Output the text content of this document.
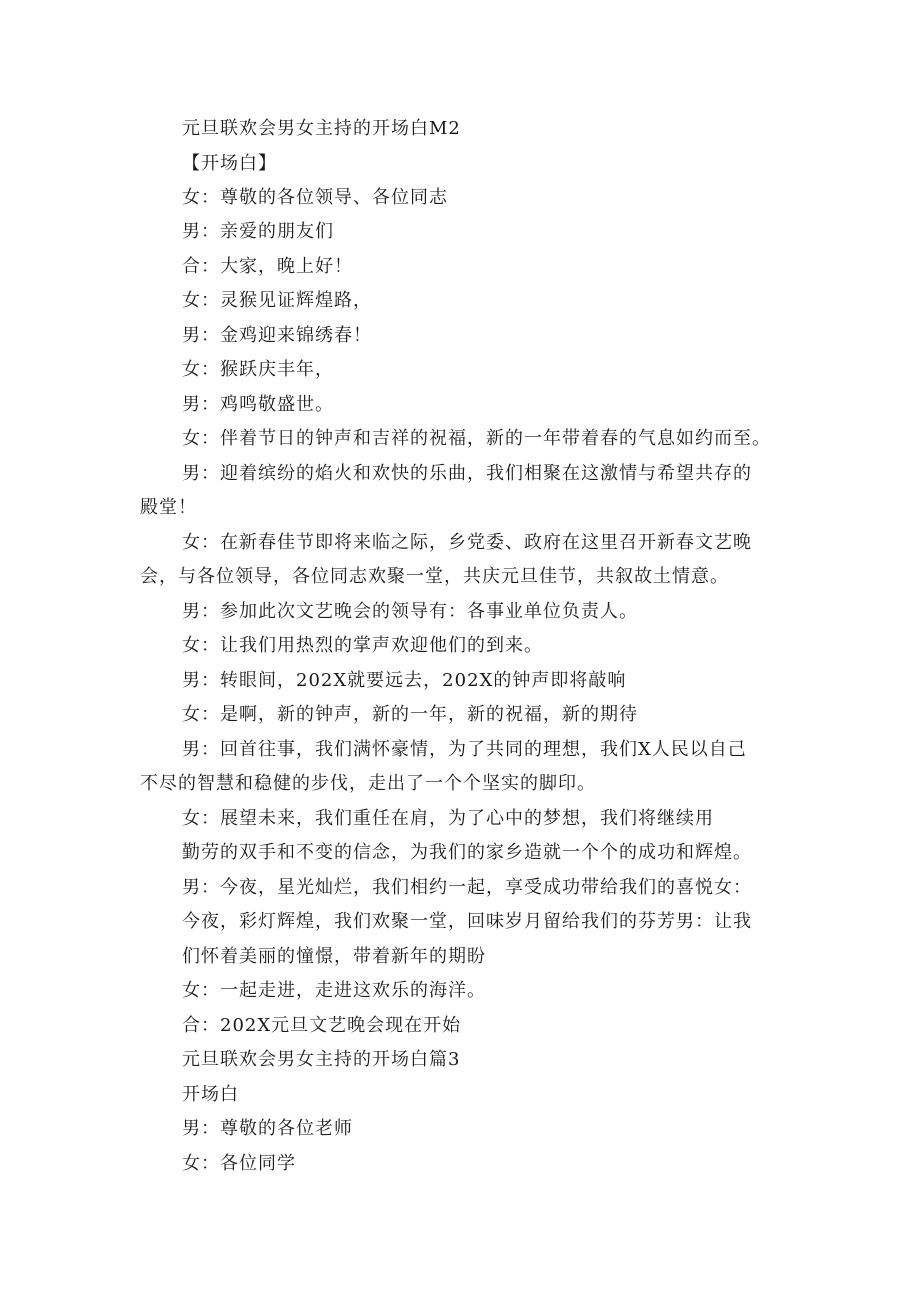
元旦联欢会男女主持的开场白M2

【开场白】

女：尊敬的各位领导、各位同志

男：亲爱的朋友们

合：大家，晚上好！

女：灵猴见证辉煌路，

男：金鸡迎来锦绣春！

女：猴跃庆丰年，

男：鸡鸣敬盛世。

女：伴着节日的钟声和吉祥的祝福，新的一年带着春的气息如约而至。

男：迎着缤纷的焰火和欢快的乐曲，我们相聚在这激情与希望共存的

殿堂！

女：在新春佳节即将来临之际，乡党委、政府在这里召开新春文艺晚

会，与各位领导，各位同志欢聚一堂，共庆元旦佳节，共叙故土情意。

男：参加此次文艺晚会的领导有：各事业单位负责人。

女：让我们用热烈的掌声欢迎他们的到来。

男：转眼间，202X就要远去，202X的钟声即将敲响

女：是啊，新的钟声，新的一年，新的祝福，新的期待

男：回首往事，我们满怀豪情，为了共同的理想，我们X人民以自己

不尽的智慧和稳健的步伐，走出了一个个坚实的脚印。

女：展望未来，我们重任在肩，为了心中的梦想，我们将继续用

勤劳的双手和不变的信念，为我们的家乡造就一个个的成功和辉煌。

男：今夜，星光灿烂，我们相约一起，享受成功带给我们的喜悦女：

今夜，彩灯辉煌，我们欢聚一堂，回味岁月留给我们的芬芳男：让我

们怀着美丽的憧憬，带着新年的期盼

女：一起走进，走进这欢乐的海洋。

合：202X元旦文艺晚会现在开始

元旦联欢会男女主持的开场白篇3

开场白

男：尊敬的各位老师

女：各位同学
